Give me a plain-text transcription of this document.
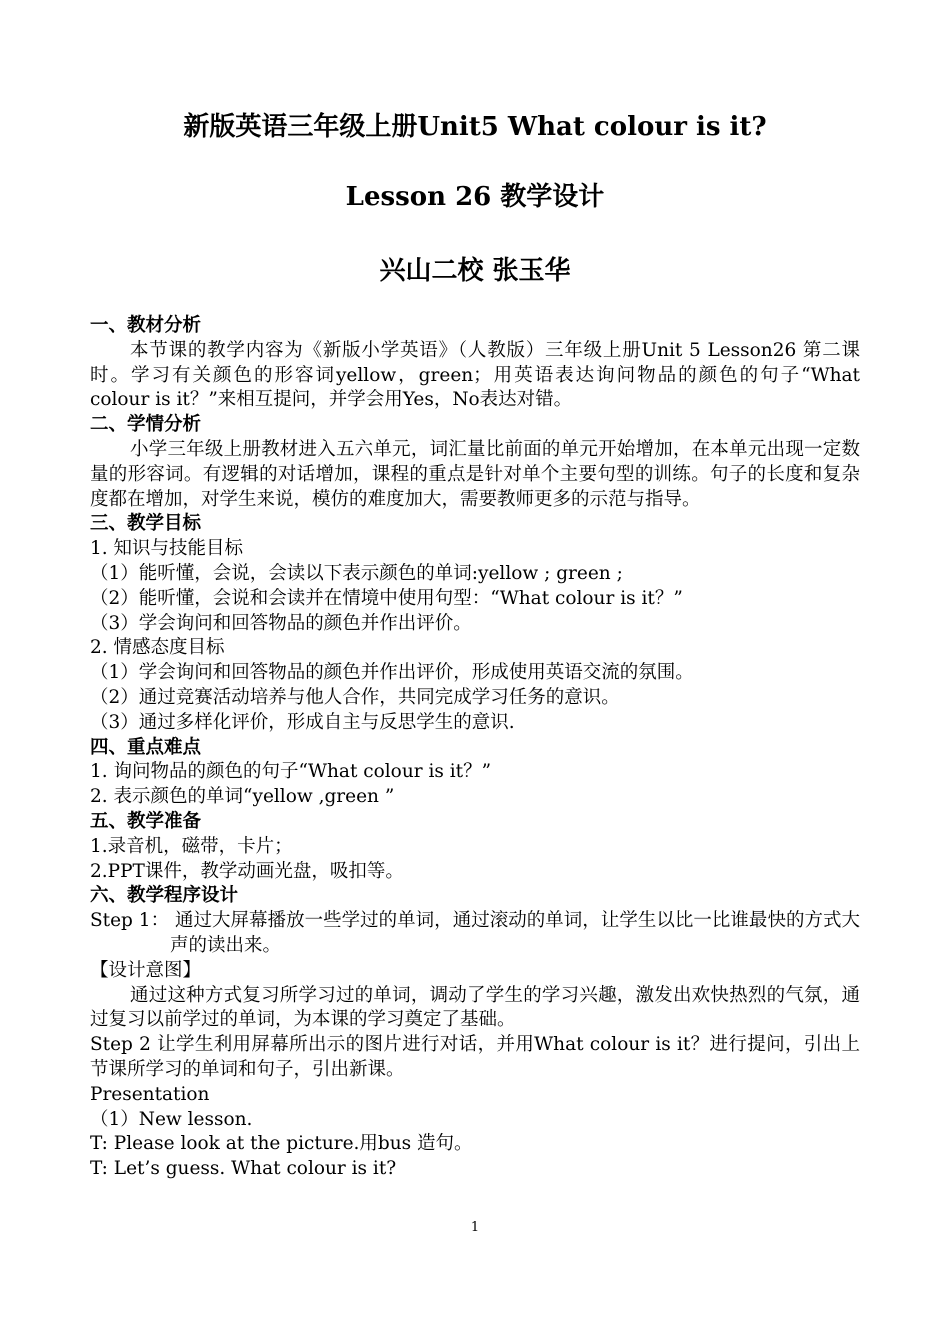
新版英语三年级上册Unit5 What colour is it?
Lesson 26 教学设计
兴山二校 张玉华
一、教材分析
本节课的教学内容为《新版小学英语》（人教版）三年级上册Unit 5 Lesson26 第二课时。学习有关颜色的形容词yellow，green；用英语表达询问物品的颜色的句子“What colour is it？”来相互提问，并学会用Yes，No表达对错。
二、学情分析
小学三年级上册教材进入五六单元，词汇量比前面的单元开始增加，在本单元出现一定数量的形容词。有逻辑的对话增加，课程的重点是针对单个主要句型的训练。句子的长度和复杂度都在增加，对学生来说，模仿的难度加大，需要教师更多的示范与指导。
三、教学目标
1. 知识与技能目标
（1）能听懂，会说，会读以下表示颜色的单词:yellow ; green ;
（2）能听懂，会说和会读并在情境中使用句型：“What colour is it？”
（3）学会询问和回答物品的颜色并作出评价。
2. 情感态度目标
（1）学会询问和回答物品的颜色并作出评价，形成使用英语交流的氛围。
（2）通过竞赛活动培养与他人合作，共同完成学习任务的意识。
（3）通过多样化评价，形成自主与反思学生的意识.
四、重点难点
1. 询问物品的颜色的句子“What colour is it？”
2. 表示颜色的单词“yellow ,green ”
五、教学准备
1.录音机，磁带，卡片；
2.PPT课件，教学动画光盘，吸扣等。
六、教学程序设计
Step 1： 通过大屏幕播放一些学过的单词，通过滚动的单词，让学生以比一比谁最快的方式大声的读出来。
【设计意图】
通过这种方式复习所学习过的单词，调动了学生的学习兴趣，激发出欢快热烈的气氛，通过复习以前学过的单词，为本课的学习奠定了基础。
Step 2 让学生利用屏幕所出示的图片进行对话，并用What colour is it？进行提问，引出上节课所学习的单词和句子，引出新课。
Presentation
（1）New lesson.
T: Please look at the picture.用bus 造句。
T: Let’s guess. What colour is it?
1
